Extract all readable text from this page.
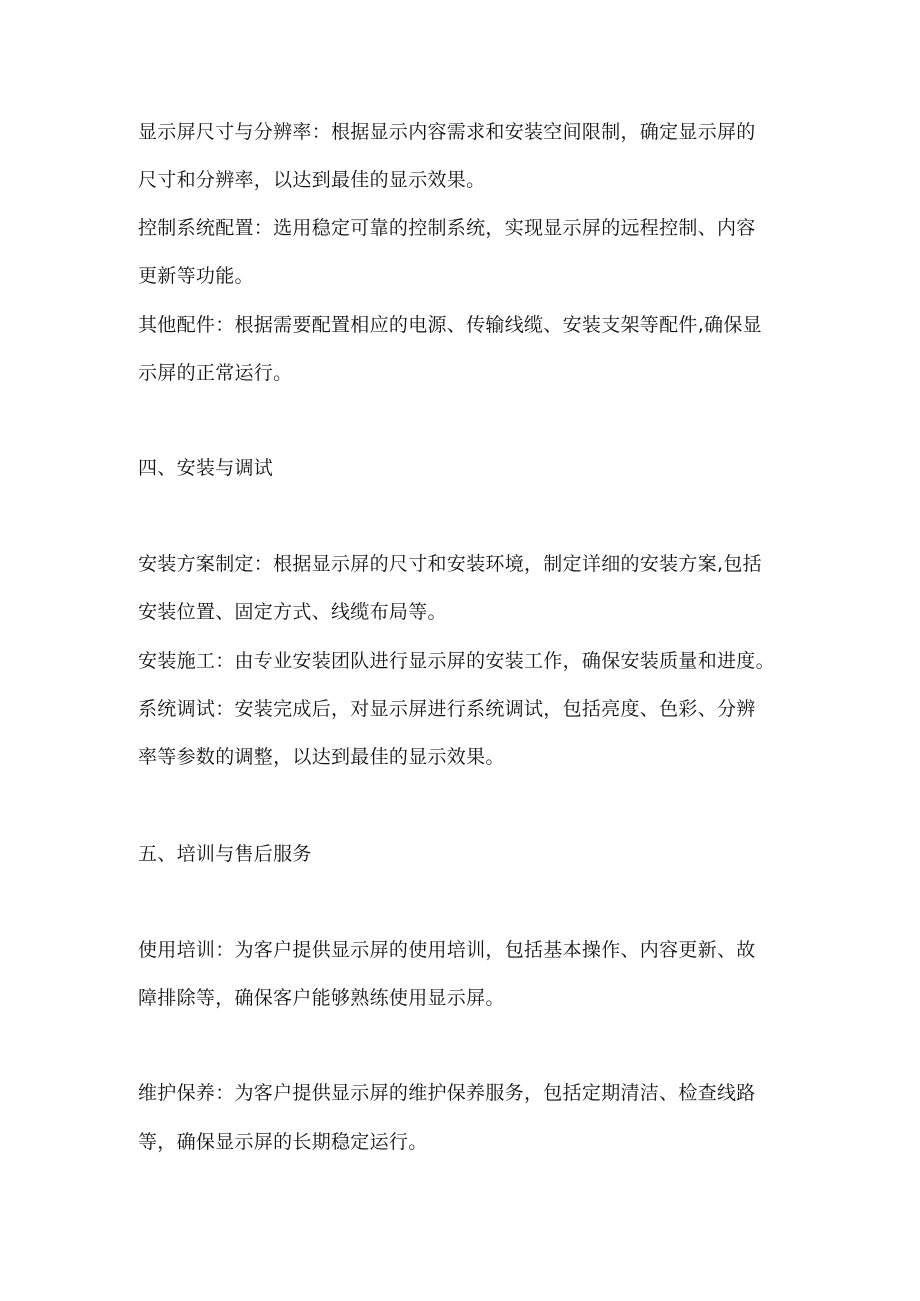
显示屏尺寸与分辨率：根据显示内容需求和安装空间限制，确定显示屏的
尺寸和分辨率，以达到最佳的显示效果。
控制系统配置：选用稳定可靠的控制系统，实现显示屏的远程控制、内容
更新等功能。
其他配件：根据需要配置相应的电源、传输线缆、安装支架等配件,确保显
示屏的正常运行。
四、安装与调试
安装方案制定：根据显示屏的尺寸和安装环境，制定详细的安装方案,包括
安装位置、固定方式、线缆布局等。
安装施工：由专业安装团队进行显示屏的安装工作，确保安装质量和进度。
系统调试：安装完成后，对显示屏进行系统调试，包括亮度、色彩、分辨
率等参数的调整，以达到最佳的显示效果。
五、培训与售后服务
使用培训：为客户提供显示屏的使用培训，包括基本操作、内容更新、故
障排除等，确保客户能够熟练使用显示屏。
维护保养：为客户提供显示屏的维护保养服务，包括定期清洁、检查线路
等，确保显示屏的长期稳定运行。
